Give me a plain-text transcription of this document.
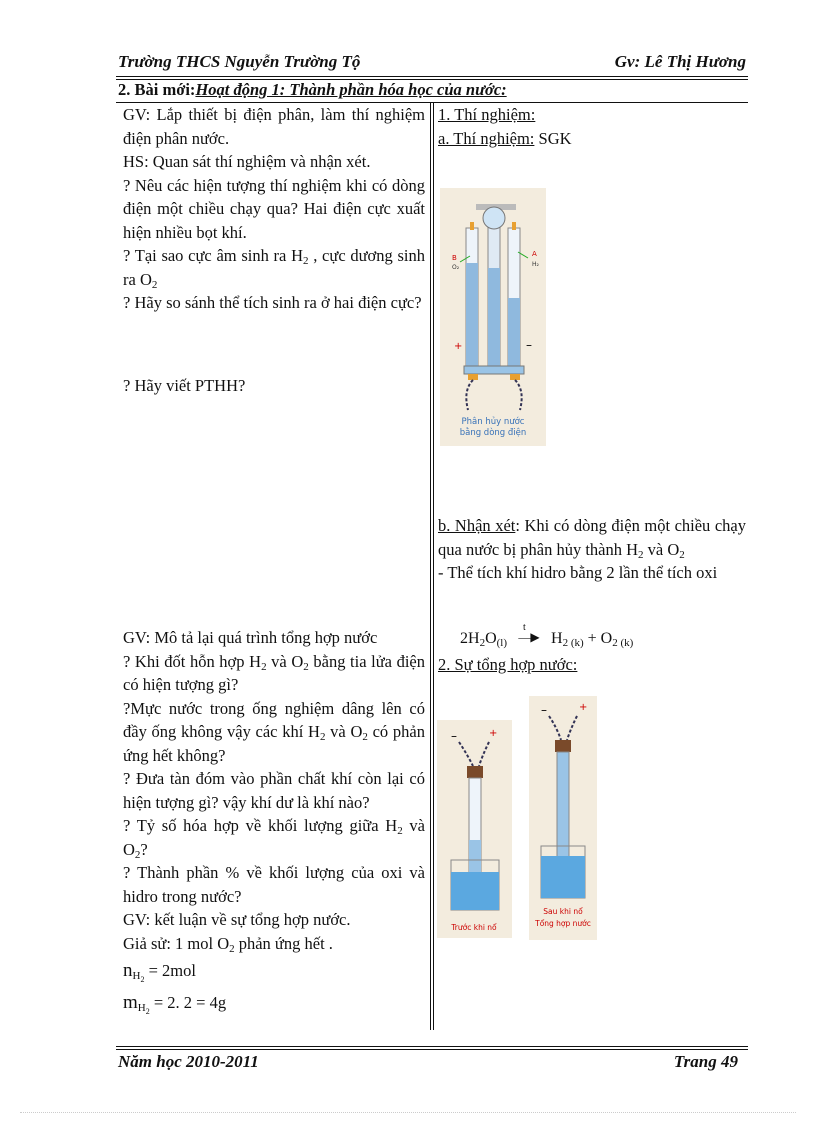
Trường THCS Nguyễn Trường Tộ	Gv: Lê Thị Hương
2. Bài mới:Hoạt động 1: Thành phần hóa học của nước:

GV: Lắp thiết bị điện phân, làm thí nghiệm điện phân nước.

HS: Quan sát thí nghiệm và nhận xét.

? Nêu các hiện tượng thí nghiệm khi có dòng điện một chiều chạy qua? Hai điện cực xuất hiện nhiều bọt khí.

? Tại sao cực âm sinh ra $H_2$ , cực dương sinh ra $O_2$

? Hãy so sánh thể tích sinh ra ở hai điện cực?

? Hãy viết PTHH?

GV: Mô tả lại quá trình tổng hợp nước

? Khi đốt hỗn hợp $H_2$ và $O_2$ bằng tia lửa điện có hiện tượng gì?

?Mực nước trong ống nghiệm dâng lên có đầy ống không vậy các khí $H_2$ và $O_2$ có phản ứng hết không?

? Đưa tàn đóm vào phần chất khí còn lại có hiện tượng gì? vậy khí dư là khí nào?

? Tỷ số hóa hợp về khối lượng giữa $H_2$ và $O_2$?

? Thành phần % về khối lượng của oxi và hidro trong nước?

GV: kết luận về sự tổng hợp nước.

Giả sử: 1 mol $O_2$ phản ứng hết .

$n_{H_2} = 2mol$

$m_{H_2} = 2$. 2 = 4g

1. Thí nghiệm:

a. Thí nghiệm: SGK

+	–
B
O₂
A
H₂
Phân hủy nước
bằng dòng điện

b. Nhận xét: Khi có dòng điện một chiều chạy qua nước bị phân hủy thành $H_2$ và $O_2$

- Thể tích khí hidro bằng 2 lần thể tích oxi

$2H_2O_{(l)}$
t
—▶ $H_{2 (k)} + O_{2 (k)}$

2. Sự tổng hợp nước:

–	+
Trước khi nổ
–	+
Sau khi nổ
Tổng hợp nước
Năm học 2010-2011	Trang 49
